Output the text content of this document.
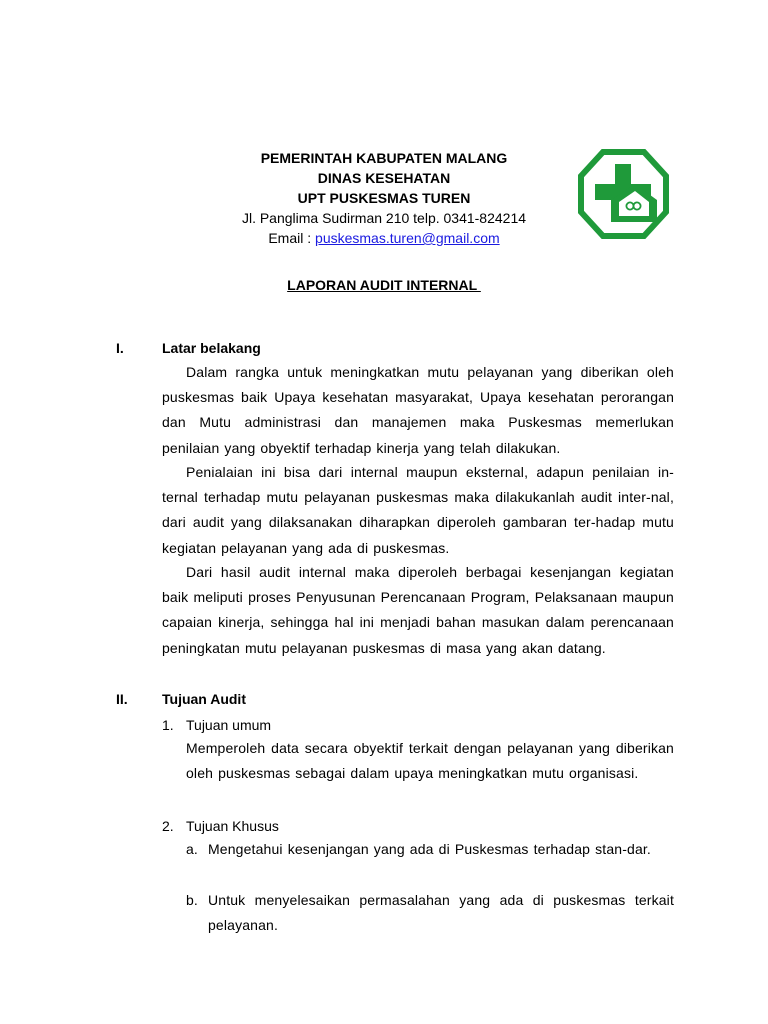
PEMERINTAH KABUPATEN MALANG
DINAS KESEHATAN
UPT PUSKESMAS TUREN
Jl. Panglima Sudirman 210 telp. 0341-824214
Email : puskesmas.turen@gmail.com
LAPORAN AUDIT INTERNAL
I.	Latar belakang
Dalam rangka untuk meningkatkan mutu pelayanan yang diberikan oleh puskesmas baik Upaya kesehatan masyarakat, Upaya kesehatan perorangan dan Mutu administrasi dan manajemen maka Puskesmas memerlukan penilaian yang obyektif terhadap kinerja yang telah dilakukan.
Penialaian ini bisa dari internal maupun eksternal, adapun penilaian in-ternal terhadap mutu pelayanan puskesmas maka dilakukanlah audit inter-nal, dari audit yang dilaksanakan diharapkan diperoleh gambaran ter-hadap mutu kegiatan pelayanan yang ada di puskesmas.
Dari hasil audit internal maka diperoleh berbagai kesenjangan kegiatan baik meliputi proses Penyusunan Perencanaan Program, Pelaksanaan maupun capaian kinerja, sehingga hal ini menjadi bahan masukan dalam perencanaan peningkatan mutu pelayanan puskesmas di masa yang akan datang.
II. Tujuan Audit
1. Tujuan umum
Memperoleh data secara obyektif terkait dengan pelayanan yang diberikan oleh puskesmas sebagai dalam upaya meningkatkan mutu organisasi.
2. Tujuan Khusus
a. Mengetahui kesenjangan yang ada di Puskesmas terhadap stan-dar.
b. Untuk menyelesaikan permasalahan yang ada di puskesmas terkait pelayanan.
